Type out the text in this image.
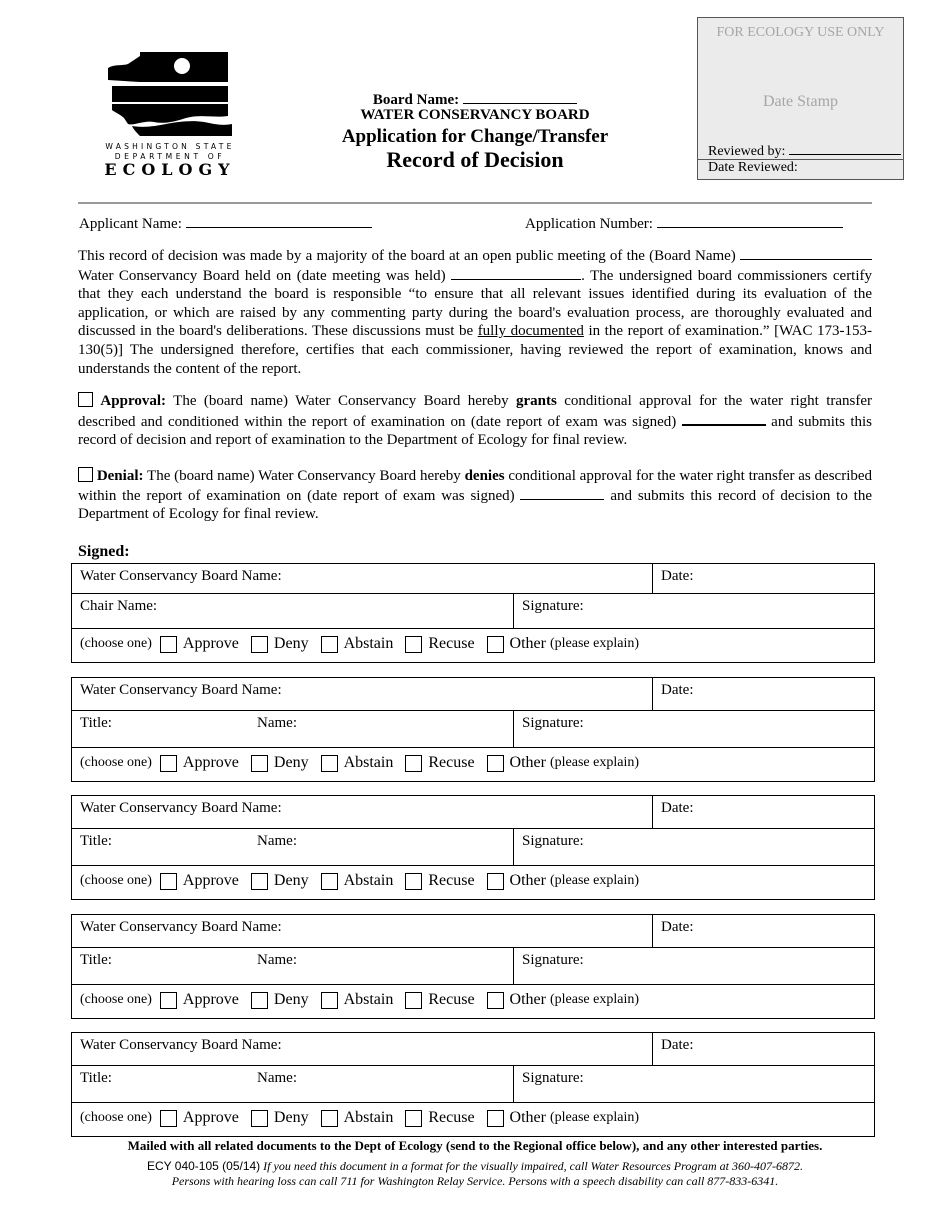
WASHINGTON STATE
DEPARTMENT OF
ECOLOGY
Board Name:
WATER CONSERVANCY BOARD
Application for Change/Transfer
Record of Decision
FOR ECOLOGY USE ONLY
Date Stamp
Reviewed by:
Date Reviewed:
Applicant Name:	Application Number:
This record of decision was made by a majority of the board at an open public meeting of the (Board Name)  Water Conservancy Board held on (date meeting was held)	. The undersigned board commissioners certify that they each understand the board is responsible “to ensure that all relevant issues identified during its evaluation of the application, or which are raised by any commenting party during the board's evaluation process, are thoroughly evaluated and discussed in the board's deliberations. These discussions must be fully documented in the report of examination.” [WAC 173-153-130(5)] The undersigned therefore, certifies that each commissioner, having reviewed the report of examination, knows and understands the content of the report.
Approval: The (board name) Water Conservancy Board hereby grants conditional approval for the water right transfer described and conditioned within the report of examination on (date report of exam was signed)	and submits this record of decision and report of examination to the Department of Ecology for final review.
Denial: The (board name) Water Conservancy Board hereby denies conditional approval for the water right transfer as described within the report of examination on (date report of exam was signed)	and submits this record of decision to the Department of Ecology for final review.
Signed:
Water Conservancy Board Name:	Date:
Chair Name:	Signature:
(choose one) Approve Deny Abstain Recuse Other (please explain)
Water Conservancy Board Name:	Date:
Title:	Name:	Signature:
(choose one) Approve Deny Abstain Recuse Other (please explain)
Water Conservancy Board Name:	Date:
Title:	Name:	Signature:
(choose one) Approve Deny Abstain Recuse Other (please explain)
Water Conservancy Board Name:	Date:
Title:	Name:	Signature:
(choose one) Approve Deny Abstain Recuse Other (please explain)
Water Conservancy Board Name:	Date:
Title:	Name:	Signature:
(choose one) Approve Deny Abstain Recuse Other (please explain)
Mailed with all related documents to the Dept of Ecology (send to the Regional office below), and any other interested parties.
ECY 040-105 (05/14) If you need this document in a format for the visually impaired, call Water Resources Program at 360-407-6872.
Persons with hearing loss can call 711 for Washington Relay Service. Persons with a speech disability can call 877-833-6341.
